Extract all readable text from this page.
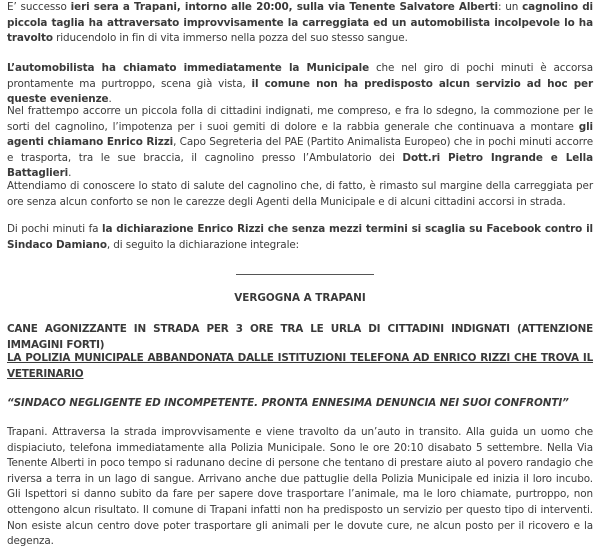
E’ successo ieri sera a Trapani, intorno alle 20:00, sulla via Tenente Salvatore Alberti: un cagnolino di piccola taglia ha attraversato improvvisamente la carreggiata ed un automobilista incolpevole lo ha travolto riducendolo in fin di vita immerso nella pozza del suo stesso sangue.

L’automobilista ha chiamato immediatamente la Municipale che nel giro di pochi minuti è accorsa prontamente ma purtroppo, scena già vista, il comune non ha predisposto alcun servizio ad hoc per queste evenienze.

Nel frattempo accorre un piccola folla di cittadini indignati, me compreso, e fra lo sdegno, la commozione per le sorti del cagnolino, l’impotenza per i suoi gemiti di dolore e la rabbia generale che continuava a montare gli agenti chiamano Enrico Rizzi, Capo Segreteria del PAE (Partito Animalista Europeo) che in pochi minuti accorre e trasporta, tra le sue braccia, il cagnolino presso l’Ambulatorio dei Dott.ri Pietro Ingrande e Lella Battaglieri.

Attendiamo di conoscere lo stato di salute del cagnolino che, di fatto, è rimasto sul margine della carreggiata per ore senza alcun conforto se non le carezze degli Agenti della Municipale e di alcuni cittadini accorsi in strada.

Di pochi minuti fa la dichiarazione Enrico Rizzi che senza mezzi termini si scaglia su Facebook contro il Sindaco Damiano, di seguito la dichiarazione integrale:

VERGOGNA A TRAPANI

CANE AGONIZZANTE IN STRADA PER 3 ORE TRA LE URLA DI CITTADINI INDIGNATI (ATTENZIONE IMMAGINI FORTI)

LA POLIZIA MUNICIPALE ABBANDONATA DALLE ISTITUZIONI TELEFONA AD ENRICO RIZZI CHE TROVA IL VETERINARIO

“SINDACO NEGLIGENTE ED INCOMPETENTE. PRONTA ENNESIMA DENUNCIA NEI SUOI CONFRONTI”

Trapani. Attraversa la strada improvvisamente e viene travolto da un’auto in transito. Alla guida un uomo che dispiaciuto, telefona immediatamente alla Polizia Municipale. Sono le ore 20:10 disabato 5 settembre. Nella Via Tenente Alberti in poco tempo si radunano decine di persone che tentano di prestare aiuto al povero randagio che riversa a terra in un lago di sangue. Arrivano anche due pattuglie della Polizia Municipale ed inizia il loro incubo. Gli Ispettori si danno subito da fare per sapere dove trasportare l’animale, ma le loro chiamate, purtroppo, non ottengono alcun risultato. Il comune di Trapani infatti non ha predisposto un servizio per questo tipo di interventi. Non esiste alcun centro dove poter trasportare gli animali per le dovute cure, ne alcun posto per il ricovero e la degenza.
